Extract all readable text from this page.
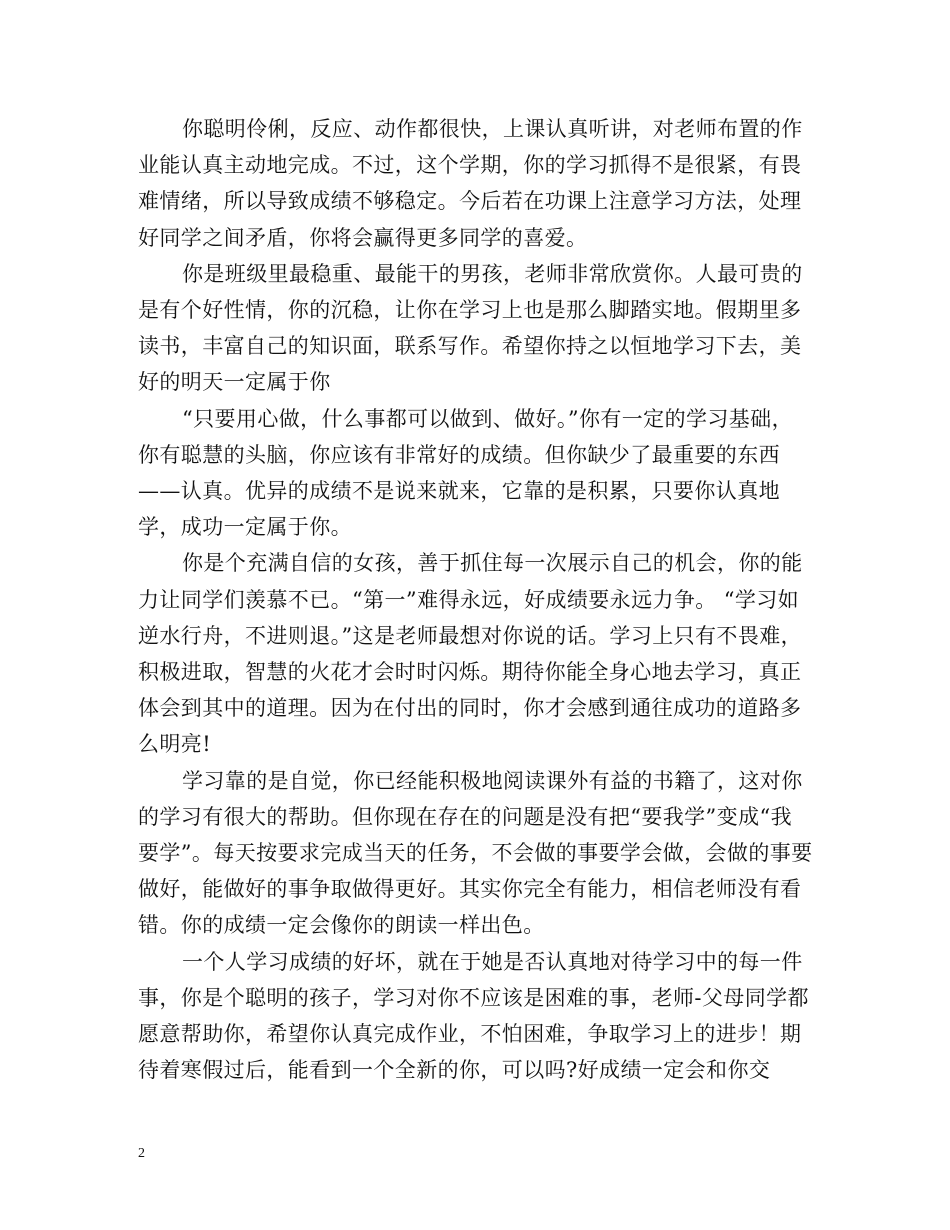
你聪明伶俐，反应、动作都很快，上课认真听讲，对老师布置的作业能认真主动地完成。不过，这个学期，你的学习抓得不是很紧，有畏难情绪，所以导致成绩不够稳定。今后若在功课上注意学习方法，处理好同学之间矛盾，你将会赢得更多同学的喜爱。

你是班级里最稳重、最能干的男孩，老师非常欣赏你。人最可贵的是有个好性情，你的沉稳，让你在学习上也是那么脚踏实地。假期里多读书，丰富自己的知识面，联系写作。希望你持之以恒地学习下去，美好的明天一定属于你

“只要用心做，什么事都可以做到、做好。”你有一定的学习基础，你有聪慧的头脑，你应该有非常好的成绩。但你缺少了最重要的东西——认真。优异的成绩不是说来就来，它靠的是积累，只要你认真地学，成功一定属于你。

你是个充满自信的女孩，善于抓住每一次展示自己的机会，你的能力让同学们羡慕不已。“第一”难得永远，好成绩要永远力争。 “学习如逆水行舟，不进则退。”这是老师最想对你说的话。学习上只有不畏难，积极进取，智慧的火花才会时时闪烁。期待你能全身心地去学习，真正体会到其中的道理。因为在付出的同时，你才会感到通往成功的道路多么明亮!

学习靠的是自觉，你已经能积极地阅读课外有益的书籍了，这对你的学习有很大的帮助。但你现在存在的问题是没有把“要我学”变成“我要学”。每天按要求完成当天的任务，不会做的事要学会做，会做的事要做好，能做好的事争取做得更好。其实你完全有能力，相信老师没有看错。你的成绩一定会像你的朗读一样出色。

一个人学习成绩的好坏，就在于她是否认真地对待学习中的每一件事，你是个聪明的孩子，学习对你不应该是困难的事，老师-父母同学都愿意帮助你，希望你认真完成作业，不怕困难，争取学习上的进步！期待着寒假过后，能看到一个全新的你，可以吗?好成绩一定会和你交

2
